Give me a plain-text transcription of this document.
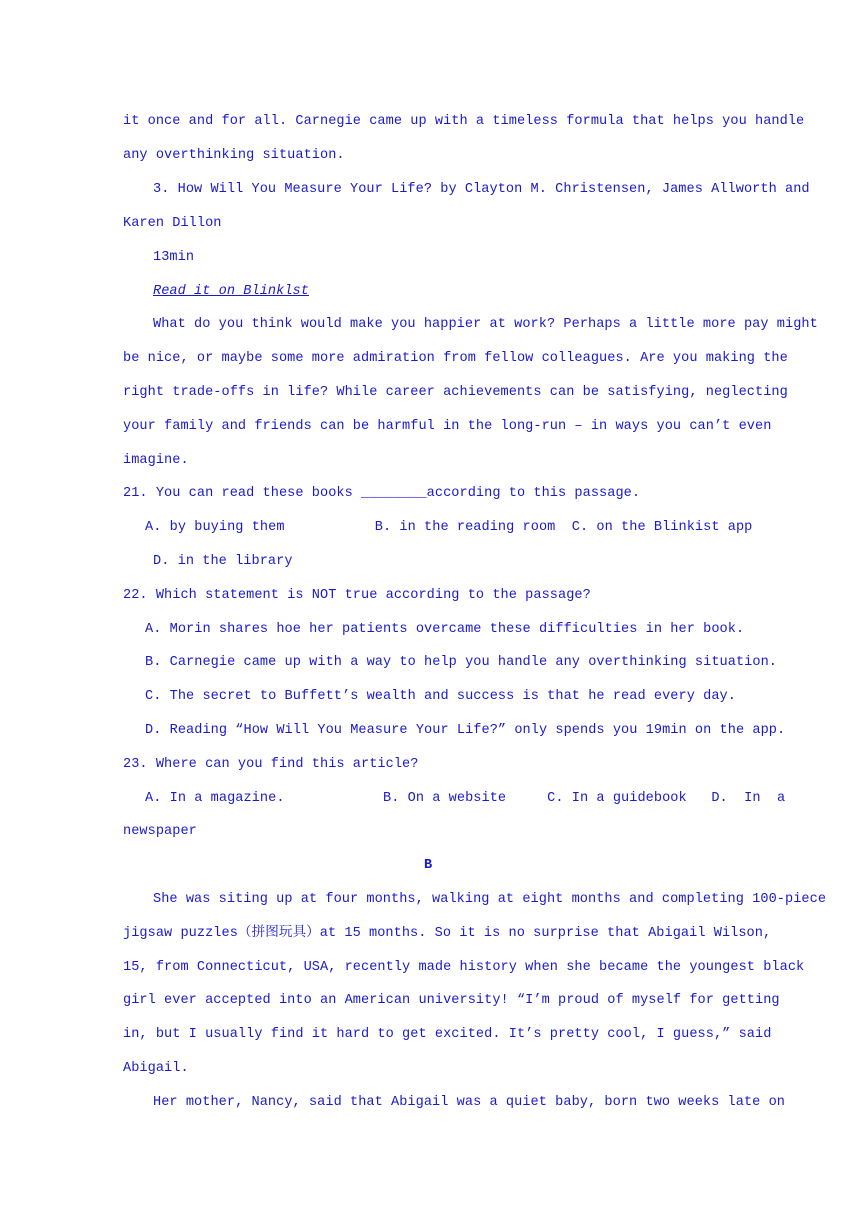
it once and for all. Carnegie came up with a timeless formula that helps you handle
any overthinking situation.
3. How Will You Measure Your Life? by Clayton M. Christensen, James Allworth and
Karen Dillon
13min
Read it on Blinklst
What do you think would make you happier at work? Perhaps a little more pay might
be nice, or maybe some more admiration from fellow colleagues. Are you making the
right trade-offs in life? While career achievements can be satisfying, neglecting
your family and friends can be harmful in the long-run – in ways you can’t even
imagine.
21. You can read these books ________according to this passage.
A. by buying them           B. in the reading room  C. on the Blinkist app
D. in the library
22. Which statement is NOT true according to the passage?
A. Morin shares hoe her patients overcame these difficulties in her book.
B. Carnegie came up with a way to help you handle any overthinking situation.
C. The secret to Buffett’s wealth and success is that he read every day.
D. Reading “How Will You Measure Your Life?” only spends you 19min on the app.
23. Where can you find this article?
A. In a magazine.            B. On a website     C. In a guidebook   D.  In  a
newspaper
B
She was siting up at four months, walking at eight months and completing 100-piece
jigsaw puzzles（拼图玩具）at 15 months. So it is no surprise that Abigail Wilson,
15, from Connecticut, USA, recently made history when she became the youngest black
girl ever accepted into an American university! “I’m proud of myself for getting
in, but I usually find it hard to get excited. It’s pretty cool, I guess,” said
Abigail.
Her mother, Nancy, said that Abigail was a quiet baby, born two weeks late on
